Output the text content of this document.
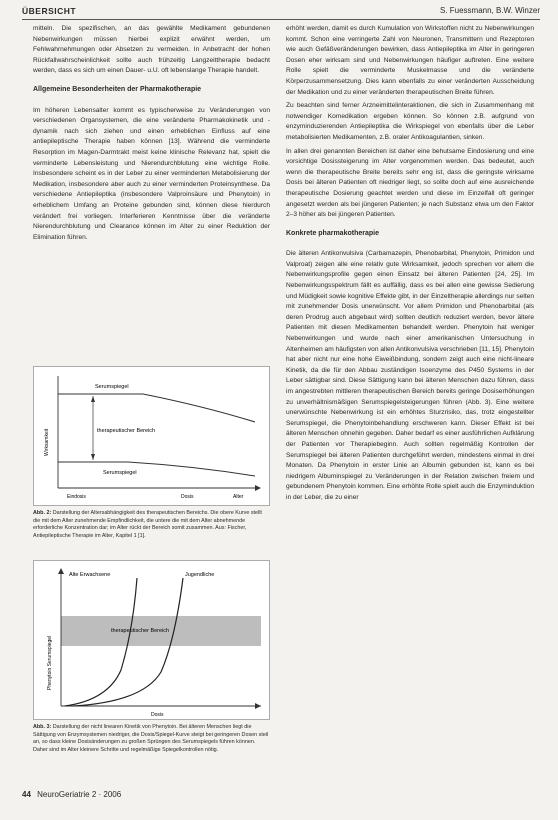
ÜBERSICHT	S. Fuessmann, B.W. Winzer

mitteln. Die spezifischen, an das gewählte Medikament gebundenen Nebenwirkungen müssen hierbei explizit erwähnt werden, um Fehlwahrnehmungen oder Absetzen zu vermeiden. In Anbetracht der hohen Rückfallwahrscheinlichkeit sollte auch frühzeitig Langzeittherapie bedacht werden, dass es sich um einen Dauer- u.U. oft lebenslange Therapie handelt.

Allgemeine Besonderheiten der Pharmakotherapie

Im höheren Lebensalter kommt es typischerweise zu Veränderungen von verschiedenen Organsystemen, die eine veränderte Pharmakokinetik und -dynamik nach sich ziehen und einen erheblichen Einfluss auf eine antiepileptische Therapie haben können [13]. Während die verminderte Resorption im Magen-Darmtrakt meist keine klinische Relevanz hat, spielt die verminderte Lebensleistung und Nierendurchblutung eine wichtige Rolle. Insbesondere scheint es in der Leber zu einer verminderten Metabolisierung der Medikation, insbesondere aber auch zu einer verminderten Proteinsynthese. Da verschiedene Antiepileptika (insbesondere Valproinsäure und Phenytoin) in erheblichem Umfang an Proteine gebunden sind, können diese hierdurch verändert frei vorliegen. Interferieren Kenntnisse über die veränderte Nierendurchblutung und Clearance können im Alter zu einer Reduktion der Elimination führen.

Serumspiegel
therapeutischer Bereich
Serumspiegel
Wirksamkeit
Eindosis	Dosis	Alter
Abb. 2: Darstellung der Altersabhängigkeit des therapeutischen Bereichs. Die obere Kurve stellt die mit dem Alter zunehmende Empfindlichkeit, die untere die mit dem Alter abnehmende erforderliche Konzentration dar; im Alter rückt der Bereich somit zusammen. Aus: Fischer, Antiepileptische Therapie im Alter, Kapitel 1 [1].
Alte Erwachsene	Jugendliche
therapeutischer Bereich
Phenytoin Serumspiegel
Dosis
Abb. 3: Darstellung der nicht linearen Kinetik von Phenytoin. Bei älteren Menschen liegt die Sättigung von Enzymsystemen niedriger, die Dosis/Spiegel-Kurve steigt bei geringeren Dosen steil an, so dass kleine Dosisänderungen zu großen Sprüngen des Serumspiegels führen können. Daher sind im Alter kleinere Schritte und regelmäßige Spiegelkontrollen nötig.

erhöht werden, damit es durch Kumulation von Wirkstoffen nicht zu Nebenwirkungen kommt. Schon eine verringerte Zahl von Neuronen, Transmittern und Rezeptoren wie auch Gefäßveränderungen bewirken, dass Antiepileptika im Alter in geringeren Dosen eher wirksam sind und Nebenwirkungen häufiger auftreten. Eine weitere Rolle spielt die verminderte Muskelmasse und die veränderte Körperzusammensetzung. Dies kann ebenfalls zu einer veränderten Ausscheidung der Medikation und zu einer veränderten therapeutischen Breite führen.

Zu beachten sind ferner Arzneimittelinteraktionen, die sich in Zusammenhang mit notwendiger Komedikation ergeben können. So können z.B. aufgrund von enzyminduzierenden Antiepileptika die Wirkspiegel von ebenfalls über die Leber metabolisierten Medikamenten, z.B. oraler Antikoagulantien, sinken.

In allen drei genannten Bereichen ist daher eine behutsame Eindosierung und eine vorsichtige Dosissteigerung im Alter vorgenommen werden. Das bedeutet, auch wenn die therapeutische Breite bereits sehr eng ist, dass die geringste wirksame Dosis bei älteren Patienten oft niedriger liegt, so sollte doch auf eine ausreichende therapeutische Dosierung geachtet werden und diese im Einzelfall oft geringer angesetzt werden als bei jüngeren Patienten; je nach Substanz etwa um den Faktor 2–3 höher als bei jüngeren Patienten.

Konkrete pharmakotherapie

Die älteren Antikonvulsiva (Carbamazepin, Phenobarbital, Phenytoin, Primidon und Valproat) zeigen alle eine relativ gute Wirksamkeit, jedoch sprechen vor allem die Nebenwirkungsprofile gegen einen Einsatz bei älteren Patienten [24, 25]. Im Nebenwirkungsspektrum fällt es auffällig, dass es bei allen eine gewisse Sedierung und Müdigkeit sowie kognitive Effekte gibt, in der Einzeltherapie allerdings nur selten mit zunehmender Dosis unerwünscht. Vor allem Primidon und Phenobarbital (als deren Prodrug auch abgebaut wird) sollten deutlich reduziert werden, bevor ältere Patienten mit diesen Medikamenten behandelt werden. Phenytoin hat weniger Nebenwirkungen und wurde nach einer amerikanischen Untersuchung in Altenheimen am häufigsten von allen Antikonvulsiva verschrieben [11, 15]. Phenytoin hat aber nicht nur eine hohe Eiweißbindung, sondern zeigt auch eine nicht-lineare Kinetik, da die für den Abbau zuständigen Isoenzyme des P450 Systems in der Leber sättigbar sind. Diese Sättigung kann bei älteren Menschen dazu führen, dass im angestrebten mittleren therapeutischen Bereich bereits geringe Dosiserhöhungen zu unverhältnismäßigen Serumspiegelsteigerungen führen (Abb. 3). Eine weitere unerwünschte Nebenwirkung ist ein erhöhtes Sturzrisiko, das, trotz eingestellter Serumspiegel, die Phenytoinbehandlung erschweren kann. Dieser Effekt ist bei älteren Menschen ohnehin gegeben. Daher bedarf es einer ausführlichen Aufklärung der Patienten vor Therapiebeginn. Auch sollten regelmäßig Kontrollen der Serumspiegel bei älteren Patienten durchgeführt werden, mindestens einmal in drei Monaten. Da Phenytoin in erster Linie an Albumin gebunden ist, kann es bei niedrigem Albuminspiegel zu Veränderungen in der Relation zwischen freiem und gebundenem Phenytoin kommen. Eine erhöhte Rolle spielt auch die Enzyminduktion in der Leber, die zu einer

44 NeuroGeriatrie 2 · 2006
